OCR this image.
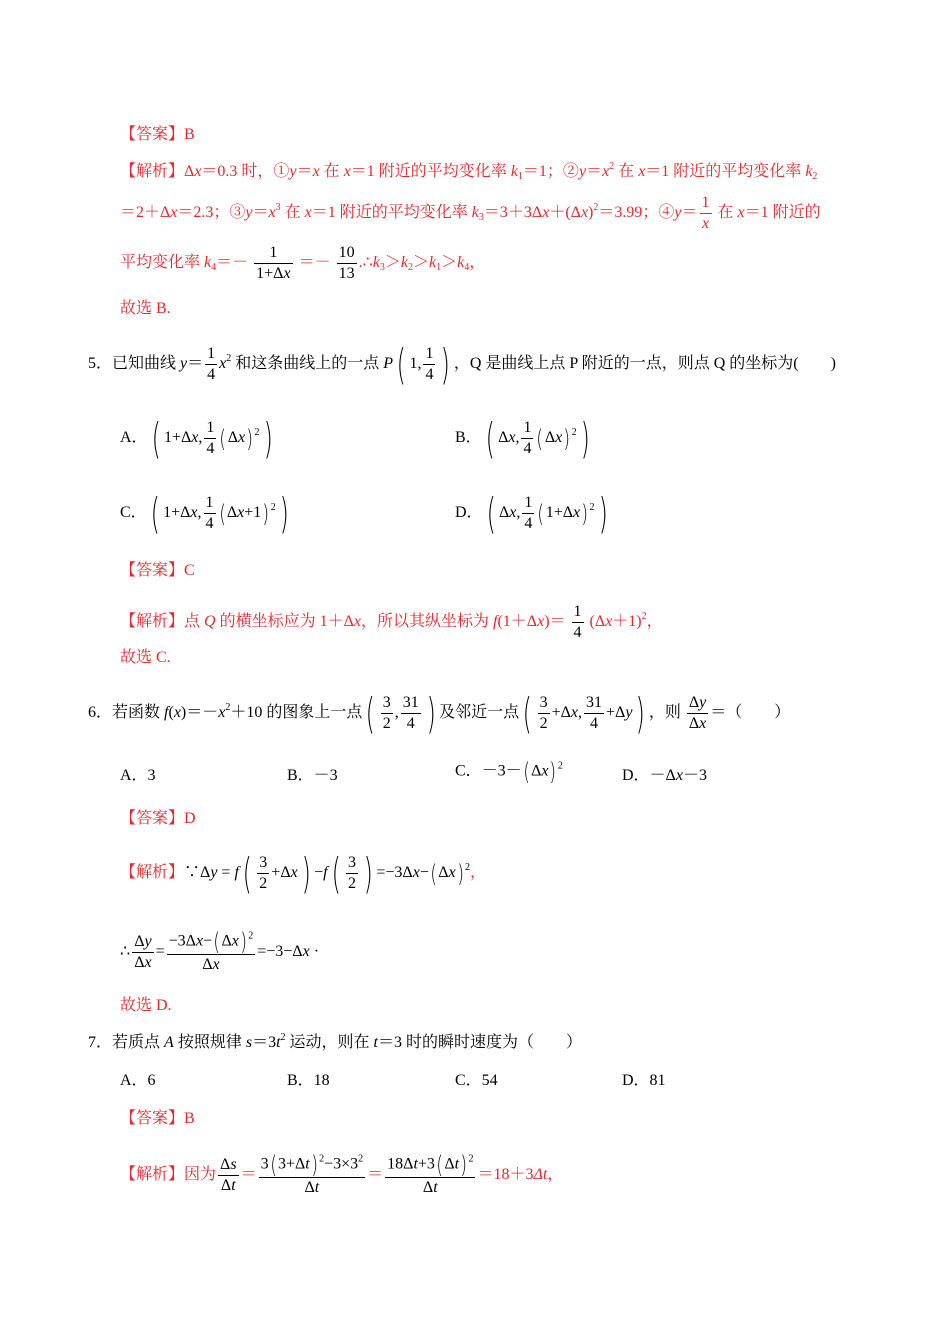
【答案】B
【解析】Δx＝0.3 时，①y＝x 在 x＝1 附近的平均变化率 $k_1=1$；$②y=x^2$ 在 x＝1 附近的平均变化率 $k_2$
＝2＋Δx＝2.3；$③y=x^3$ 在 x＝1 附近的平均变化率 $k_3=3+3\Delta x+(\Delta x)^2=3.99$；④y＝ $\frac{1}{x}$ 在 x＝1 附近的
平均变化率 $k_4=- \frac{1}{1+\Delta x} =- \frac{10}{13}$ $.\therefore k_3>k_2>k_1>k_4$，
故选 B.
5．已知曲线 $y= \frac{1}{4} x^2$ 和这条曲线上的一点 P( 1, $\frac{1}{4}$ ) ，Q 是曲线上点 P 附近的一点，则点 Q 的坐标为(　　)
A．( 1+Δx, $\frac{1}{4} (\Delta x)^2$)	B．( Δx, $\frac{1}{4} (\Delta x)^2$)
C．( 1+Δx, $\frac{1}{4} (\Delta x+1)^2$)	D．( Δx, $\frac{1}{4} (1+\Delta x)^2$)
【答案】C
【解析】点 Q 的横坐标应为 1＋Δx，所以其纵坐标为 $f(1+\Delta x)= \frac{1}{4} (\Delta x+1)^2$，
故选 C.
6．若函数 $f(x)=-x^2+10$ 的图象上一点( $\frac{3}{2}$ , $\frac{31}{4}$ ) 及邻近一点( $\frac{3}{2} +\Delta x$, $\frac{31}{4} +\Delta y$) ，则 $\frac{\Delta y}{\Delta x}$ ＝（　　）
A．3	B．－3	C．$-3-(\Delta x)^2$
D．－Δx－3
【答案】D
【解析】∵Δy = $f( \frac{3}{2} +\Delta x) -f( \frac{3}{2}$ ) $=-3\Delta x-(\Delta x)^2$，
∴ $\frac{\Delta y}{\Delta x} = \frac{-3\Delta x-(\Delta x)^2}{\Delta x} =-3-\Delta x$ ·
故选 D.
7．若质点 A 按照规律 $s=3t^2$ 运动，则在 t＝3 时的瞬时速度为（　　）
A．6	B．18	C．54	D．81
【答案】B
【解析】因为 $\frac{\Delta s}{\Delta t} = \frac{3(3+\Delta t)^2-3\times 3^2}{\Delta t} = \frac{18\Delta t+3(\Delta t)^2}{\Delta t} =18+3\Delta t$，
